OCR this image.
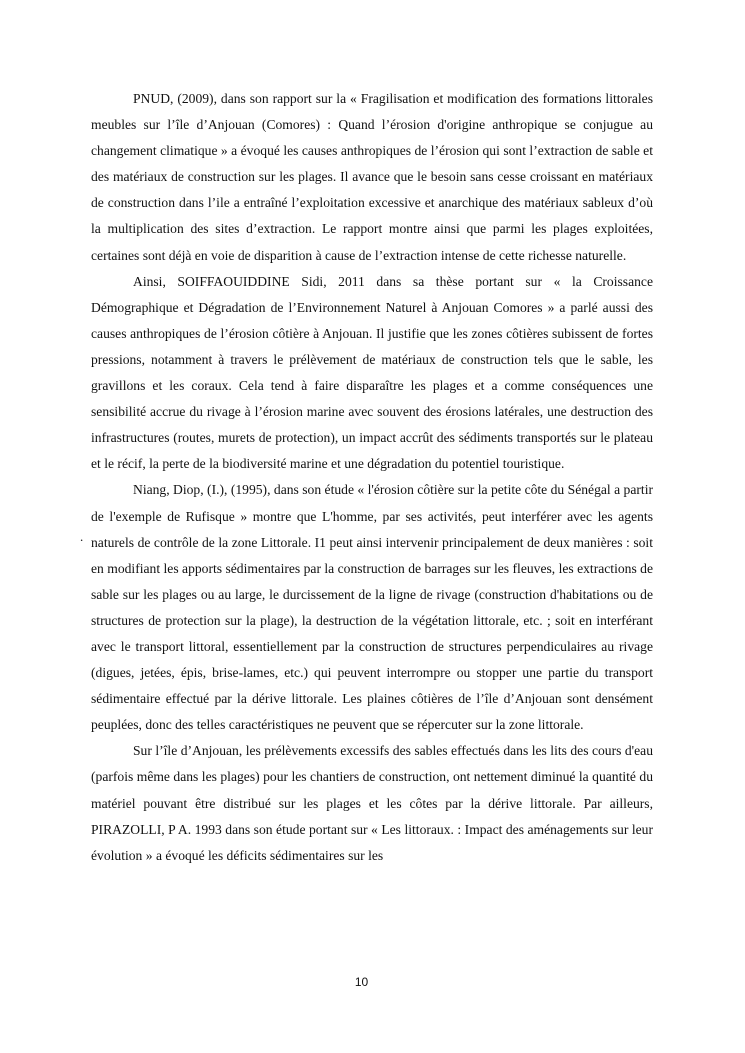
PNUD, (2009), dans son rapport sur la « Fragilisation et modification des formations littorales meubles sur l’île d’Anjouan (Comores) : Quand l’érosion d'origine anthropique se conjugue au changement climatique » a évoqué les causes anthropiques de l’érosion qui sont l’extraction de sable et des matériaux de construction sur les plages. Il avance que le besoin sans cesse croissant en matériaux de construction dans l’ile a entraîné l’exploitation excessive et anarchique des matériaux sableux d’où la multiplication des sites d’extraction. Le rapport montre ainsi que parmi les plages exploitées, certaines sont déjà en voie de disparition à cause de l’extraction intense de cette richesse naturelle.

Ainsi, SOIFFAOUIDDINE Sidi, 2011 dans sa thèse portant sur « la Croissance Démographique et Dégradation de l’Environnement Naturel à Anjouan Comores » a parlé aussi des causes anthropiques de l’érosion côtière à Anjouan. Il justifie que les zones côtières subissent de fortes pressions, notamment à travers le prélèvement de matériaux de construction tels que le sable, les gravillons et les coraux. Cela tend à faire disparaître les plages et a comme conséquences une sensibilité accrue du rivage à l’érosion marine avec souvent des érosions latérales, une destruction des infrastructures (routes, murets de protection), un impact accrût des sédiments transportés sur le plateau et le récif, la perte de la biodiversité marine et une dégradation du potentiel touristique.

Niang, Diop, (I.), (1995), dans son étude « l'érosion côtière sur la petite côte du Sénégal a partir de l'exemple de Rufisque » montre que L'homme, par ses activités, peut interférer avec les agents naturels de contrôle de la zone Littorale. I1 peut ainsi intervenir principalement de deux manières : soit en modifiant les apports sédimentaires par la construction de barrages sur les fleuves, les extractions de sable sur les plages ou au large, le durcissement de la ligne de rivage (construction d'habitations ou de structures de protection sur la plage), la destruction de la végétation littorale, etc. ; soit en interférant avec le transport littoral, essentiellement par la construction de structures perpendiculaires au rivage (digues, jetées, épis, brise-lames, etc.) qui peuvent interrompre ou stopper une partie du transport sédimentaire effectué par la dérive littorale. Les plaines côtières de l’île d’Anjouan sont densément peuplées, donc des telles caractéristiques ne peuvent que se répercuter sur la zone littorale.

Sur l’île d’Anjouan, les prélèvements excessifs des sables effectués dans les lits des cours d'eau (parfois même dans les plages) pour les chantiers de construction, ont nettement diminué la quantité du matériel pouvant être distribué sur les plages et les côtes par la dérive littorale. Par ailleurs, PIRAZOLLI, P A. 1993 dans son étude portant sur « Les littoraux. : Impact des aménagements sur leur évolution » a évoqué les déficits sédimentaires sur les

.
10
